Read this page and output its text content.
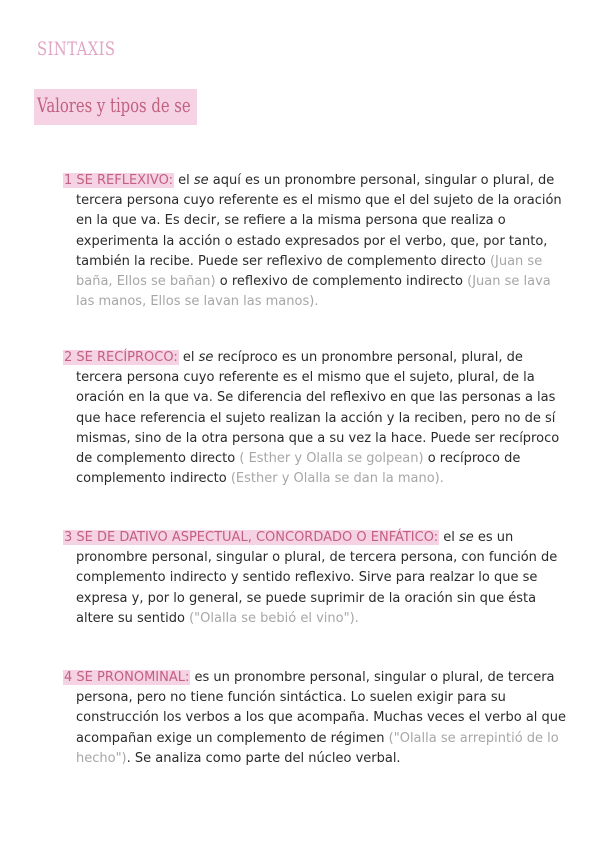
SINTAXIS
Valores y tipos de se

1 SE REFLEXIVO: el se aquí es un pronombre personal, singular o plural, de tercera persona cuyo referente es el mismo que el del sujeto de la oración en la que va. Es decir, se refiere a la misma persona que realiza o experimenta la acción o estado expresados por el verbo, que, por tanto, también la recibe. Puede ser reflexivo de complemento directo (Juan se baña, Ellos se bañan) o reflexivo de complemento indirecto (Juan se lava las manos, Ellos se lavan las manos).

2 SE RECÍPROCO: el se recíproco es un pronombre personal, plural, de tercera persona cuyo referente es el mismo que el sujeto, plural, de la oración en la que va. Se diferencia del reflexivo en que las personas a las que hace referencia el sujeto realizan la acción y la reciben, pero no de sí mismas, sino de la otra persona que a su vez la hace. Puede ser recíproco de complemento directo ( Esther y Olalla se golpean) o recíproco de complemento indirecto (Esther y Olalla se dan la mano).

3 SE DE DATIVO ASPECTUAL, CONCORDADO O ENFÁTICO: el se es un pronombre personal, singular o plural, de tercera persona, con función de complemento indirecto y sentido reflexivo. Sirve para realzar lo que se expresa y, por lo general, se puede suprimir de la oración sin que ésta altere su sentido ("Olalla se bebió el vino").

4 SE PRONOMINAL: es un pronombre personal, singular o plural, de tercera persona, pero no tiene función sintáctica. Lo suelen exigir para su construcción los verbos a los que acompaña. Muchas veces el verbo al que acompañan exige un complemento de régimen ("Olalla se arrepintió de lo hecho"). Se analiza como parte del núcleo verbal.
